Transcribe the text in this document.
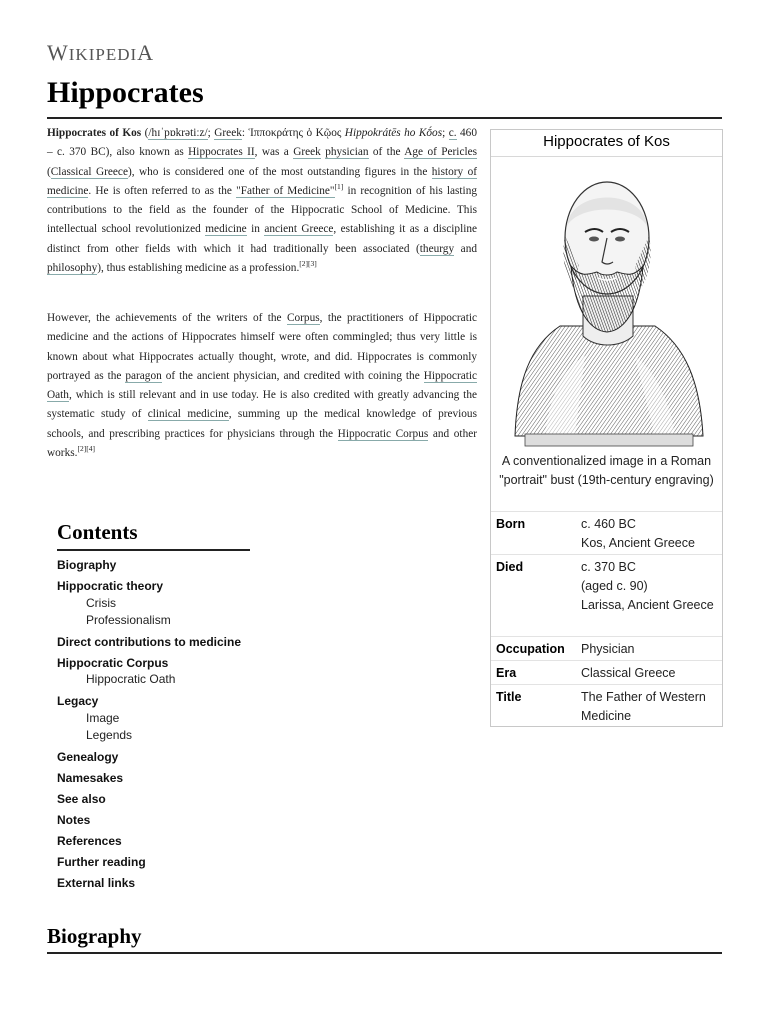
WIKIPEDIA
Hippocrates

Hippocrates of Kos (/hɪˈpɒkrətiːz/; Greek: Ἱπποκράτης ὁ Κῷος Hippokrátēs ho Kṓos; c. 460 – c. 370 BC), also known as Hippocrates II, was a Greek physician of the Age of Pericles (Classical Greece), who is considered one of the most outstanding figures in the history of medicine. He is often referred to as the "Father of Medicine"[1] in recognition of his lasting contributions to the field as the founder of the Hippocratic School of Medicine. This intellectual school revolutionized medicine in ancient Greece, establishing it as a discipline distinct from other fields with which it had traditionally been associated (theurgy and philosophy), thus establishing medicine as a profession.[2][3]

However, the achievements of the writers of the Corpus, the practitioners of Hippocratic medicine and the actions of Hippocrates himself were often commingled; thus very little is known about what Hippocrates actually thought, wrote, and did. Hippocrates is commonly portrayed as the paragon of the ancient physician, and credited with coining the Hippocratic Oath, which is still relevant and in use today. He is also credited with greatly advancing the systematic study of clinical medicine, summing up the medical knowledge of previous schools, and prescribing practices for physicians through the Hippocratic Corpus and other works.[2][4]

Hippocrates of Kos
A conventionalized image in a Roman "portrait" bust (19th-century engraving)
Born	c. 460 BC
Kos, Ancient Greece
Died	c. 370 BC
(aged c. 90)
Larissa, Ancient Greece
Occupation Physician
Era	Classical Greece
Title	The Father of Western Medicine
Contents
Biography
Hippocratic theory
Crisis
Professionalism
Direct contributions to medicine
Hippocratic Corpus
Hippocratic Oath
Legacy
Image
Legends
Genealogy
Namesakes
See also
Notes
References
Further reading
External links
Biography
